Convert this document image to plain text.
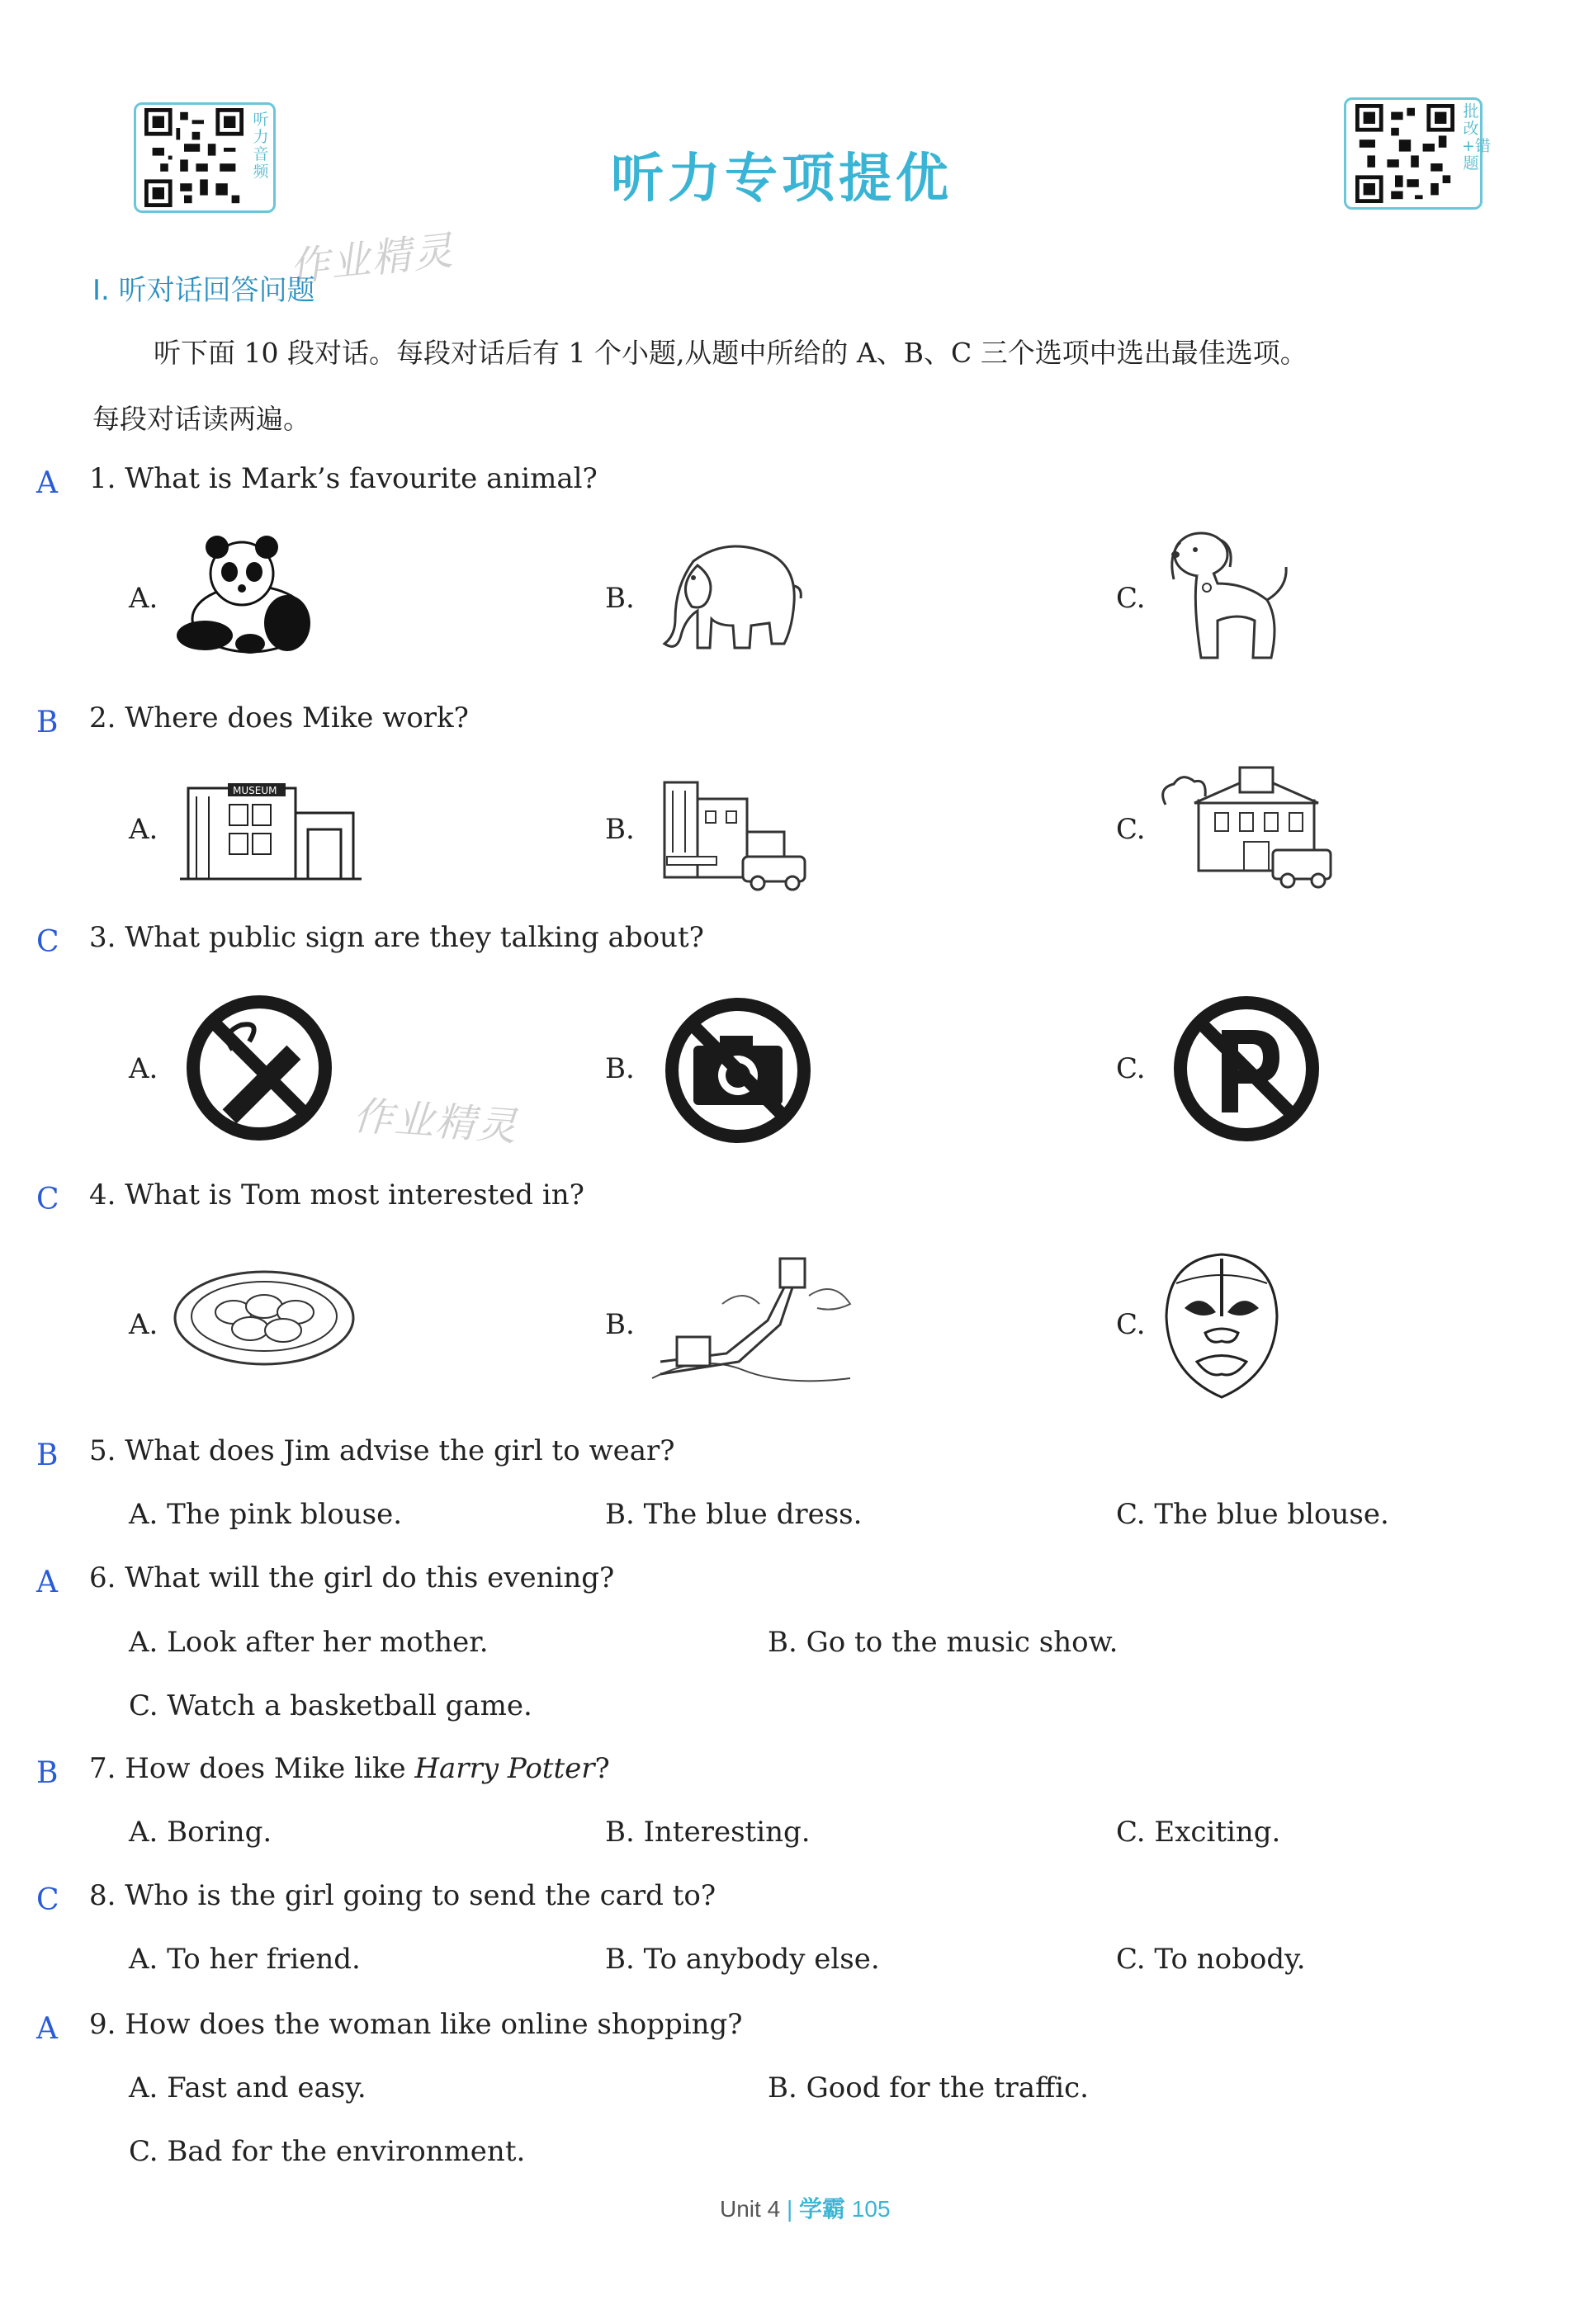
听力音频
批改+错题
听力专项提优
作业精灵
Ⅰ. 听对话回答问题
听下面 10 段对话。每段对话后有 1 个小题,从题中所给的 A、B、C 三个选项中选出最佳选项。
每段对话读两遍。
A 1. What is Mark’s favourite animal?
A.	B.	C.
B 2. Where does Mike work?
A.	B.	C.
MUSEUM
C 3. What public sign are they talking about?
A.	B.	C.
作业精灵
C 4. What is Tom most interested in?
A.	B.	C.
B 5. What does Jim advise the girl to wear?
A. The pink blouse.	B. The blue dress.	C. The blue blouse.
A 6. What will the girl do this evening?
A. Look after her mother.	B. Go to the music show.
C. Watch a basketball game.
B 7. How does Mike like Harry Potter?
A. Boring.	B. Interesting.	C. Exciting.
C 8. Who is the girl going to send the card to?
A. To her friend.	B. To anybody else.	C. To nobody.
A 9. How does the woman like online shopping?
A. Fast and easy.	B. Good for the traffic.
C. Bad for the environment.
Unit 4 | 学霸 105
